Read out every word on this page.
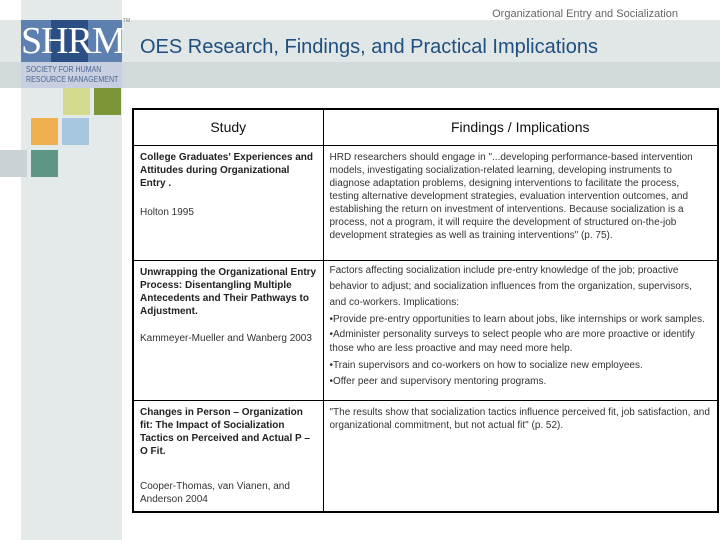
SHRM
SOCIETY FOR HUMAN
RESOURCE MANAGEMENT
TM
Organizational Entry and Socialization
OES Research, Findings, and Practical Implications
Study	Findings / Implications

College Graduates' Experiences and Attitudes during Organizational Entry .
Holton 1995	HRD researchers should engage in "...developing performance-based intervention models, investigating socialization-related learning, developing instruments to diagnose adaptation problems, designing interventions to facilitate the process, testing alternative development strategies, evaluation intervention outcomes, and establishing the return on investment of interventions. Because socialization is a process, not a program, it will require the development of structured on-the-job development strategies as well as training interventions" (p. 75).

Unwrapping the Organizational Entry Process: Disentangling Multiple Antecedents and Their Pathways to Adjustment.
Kammeyer-Mueller and Wanberg 2003	Factors affecting socialization include pre-entry knowledge of the job; proactive behavior to adjust; and socialization influences from the organization, supervisors, and co-workers. Implications:
•Provide pre-entry opportunities to learn about jobs, like internships or work samples.
•Administer personality surveys to select people who are more proactive or identify those who are less proactive and may need more help.
•Train supervisors and co-workers on how to socialize new employees.
•Offer peer and supervisory mentoring programs.

Changes in Person – Organization fit: The Impact of Socialization Tactics on Perceived and Actual P – O Fit.
Cooper-Thomas, van Vianen, and Anderson 2004	"The results show that socialization tactics influence perceived fit, job satisfaction, and organizational commitment, but not actual fit" (p. 52).
